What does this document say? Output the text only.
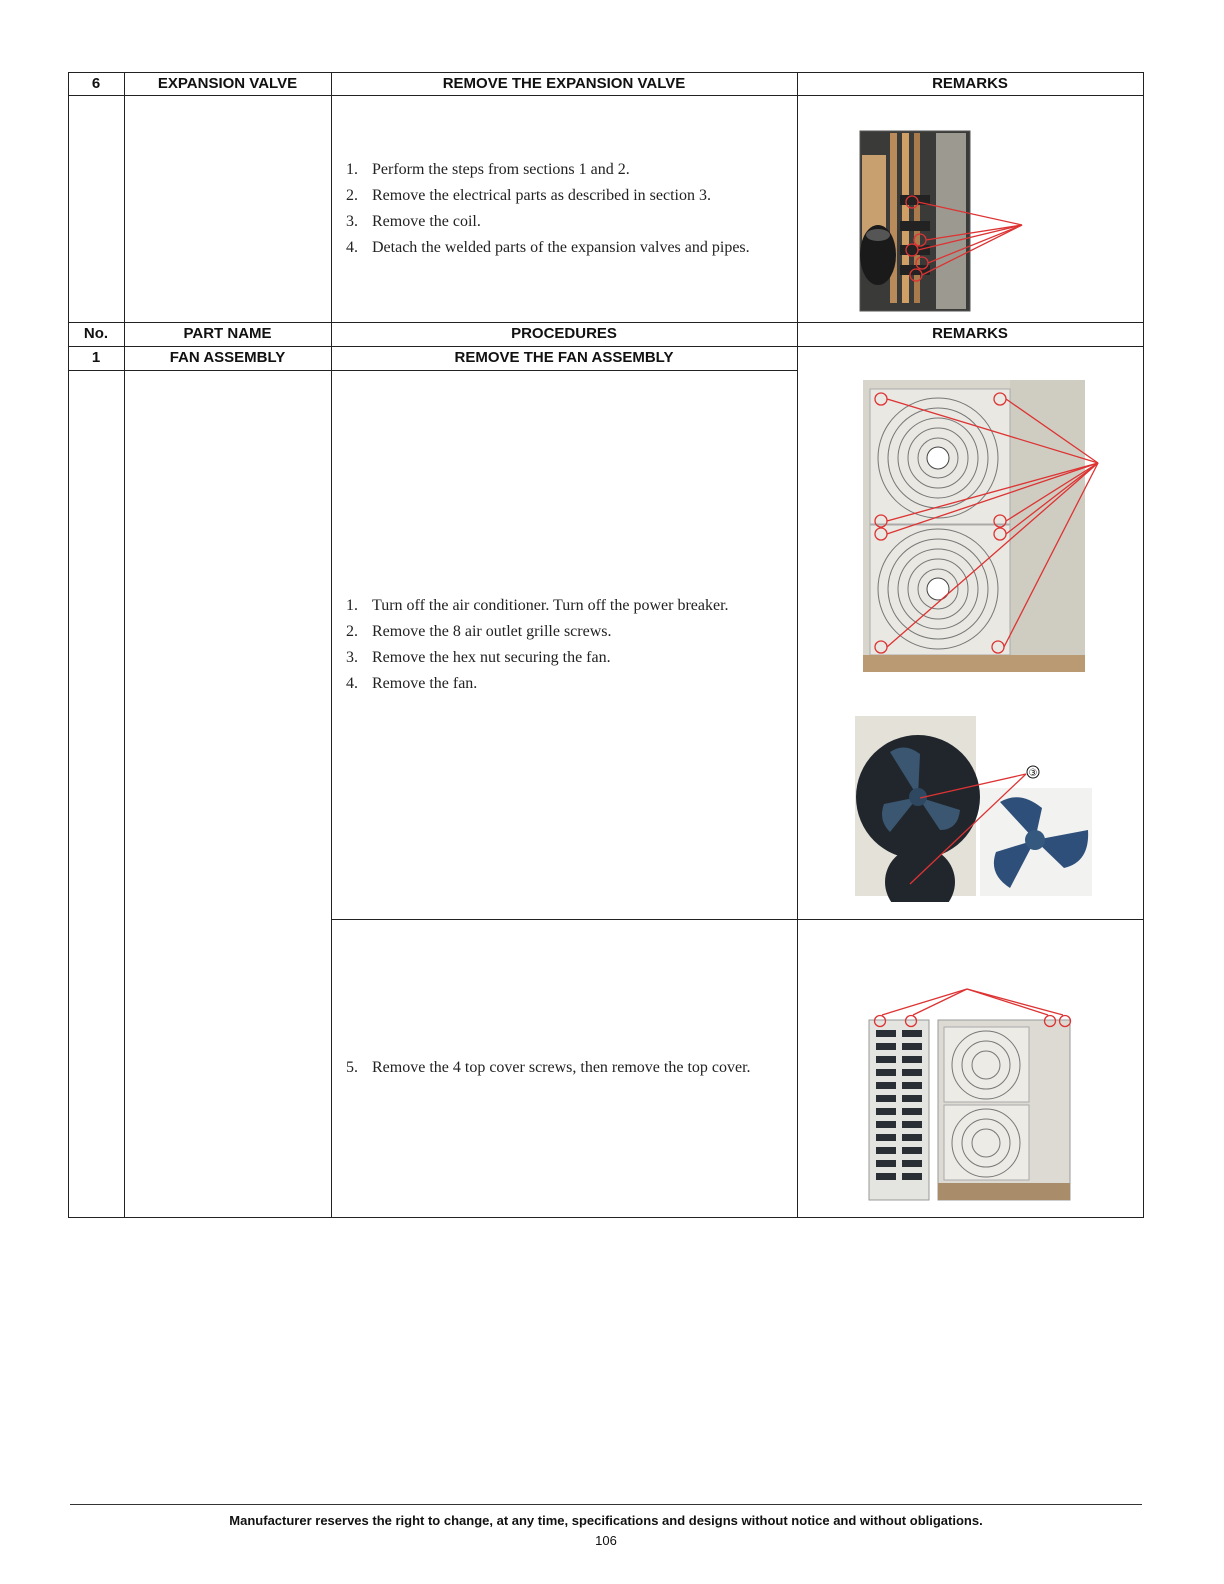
6	EXPANSION VALVE	REMOVE THE EXPANSION VALVE	REMARKS
1. Perform the steps from sections 1 and 2.
2. Remove the electrical parts as described in section 3.
3. Remove the coil.
4. Detach the welded parts of the expansion valves and pipes.
No.	PART NAME	PROCEDURES	REMARKS
1	FAN ASSEMBLY	REMOVE THE FAN ASSEMBLY
1. Turn off the air conditioner. Turn off the power breaker.
2. Remove the 8 air outlet grille screws.
3. Remove the hex nut securing the fan.
4. Remove the fan.
③
5. Remove the 4 top cover screws, then remove the top cover.
Manufacturer reserves the right to change, at any time, specifications and designs without notice and without obligations.
106
